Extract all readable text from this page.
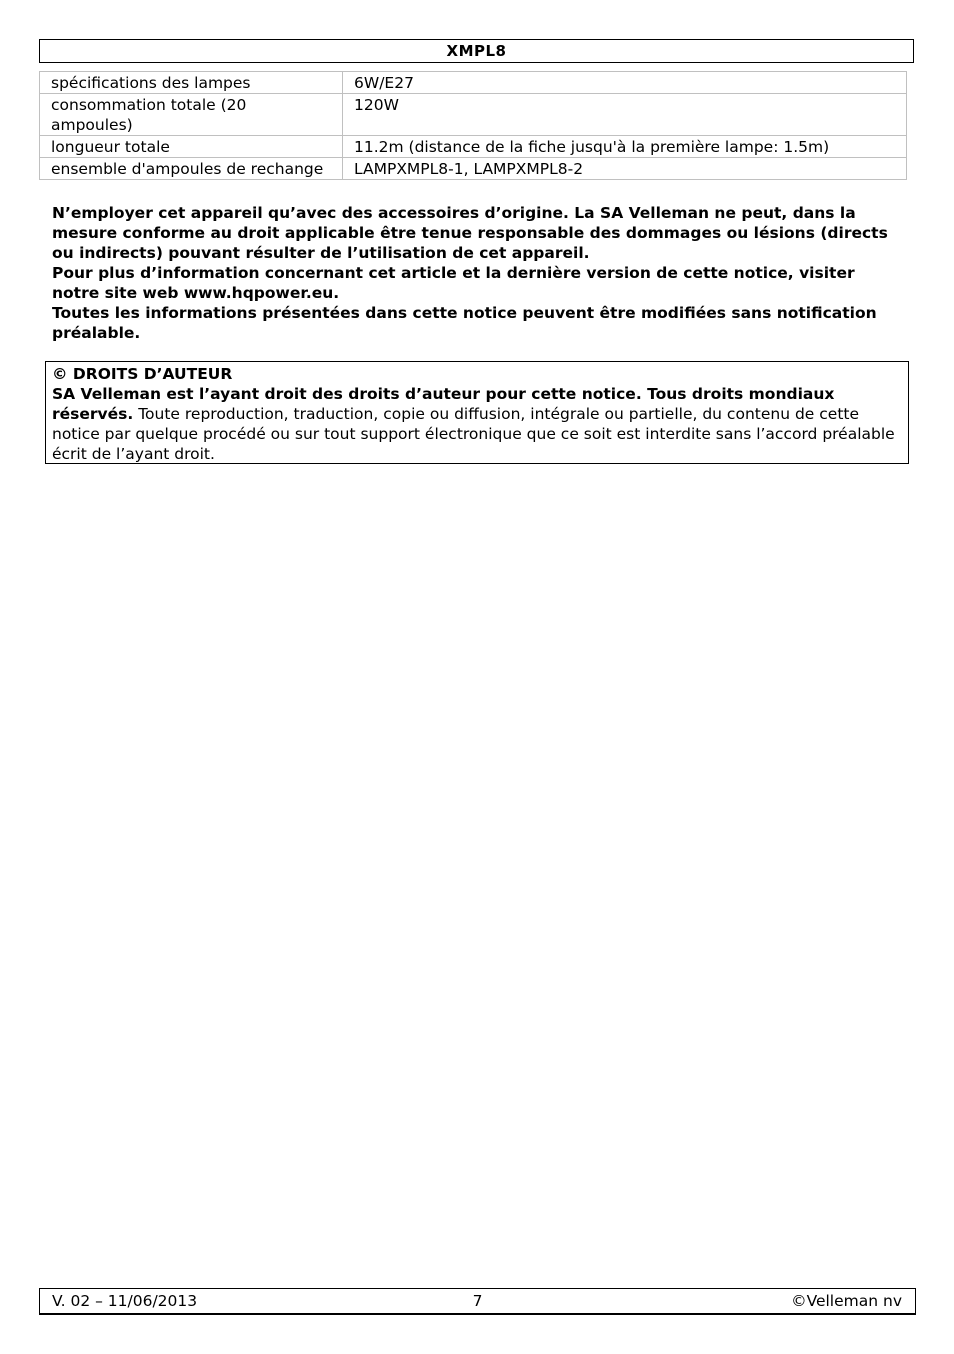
XMPL8
spécifications des lampes	6W/E27
consommation totale (20 ampoules)	120W
longueur totale	11.2m (distance de la fiche jusqu'à la première lampe: 1.5m)
ensemble d'ampoules de rechange	LAMPXMPL8-1, LAMPXMPL8-2

N’employer cet appareil qu’avec des accessoires d’origine. La SA Velleman ne peut, dans la mesure conforme au droit applicable être tenue responsable des dommages ou lésions (directs ou indirects) pouvant résulter de l’utilisation de cet appareil.

Pour plus d’information concernant cet article et la dernière version de cette notice, visiter notre site web www.hqpower.eu.

Toutes les informations présentées dans cette notice peuvent être modifiées sans notification préalable.

© DROITS D’AUTEUR
SA Velleman est l’ayant droit des droits d’auteur pour cette notice. Tous droits mondiaux réservés. Toute reproduction, traduction, copie ou diffusion, intégrale ou partielle, du contenu de cette notice par quelque procédé ou sur tout support électronique que ce soit est interdite sans l’accord préalable écrit de l’ayant droit.
V. 02 – 11/06/2013	7	©Velleman nv
